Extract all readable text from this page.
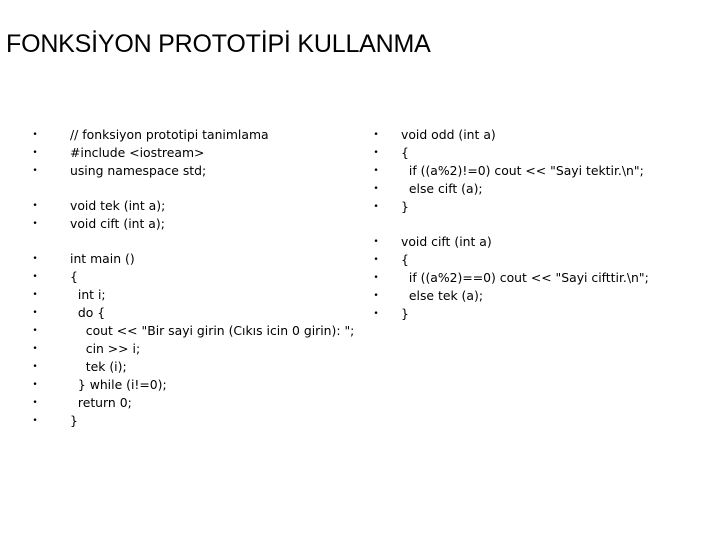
FONKSİYON PROTOTİPİ KULLANMA
•	// fonksiyon prototipi tanimlama
•	#include <iostream>
•	using namespace std;
•	void tek (int a);
•	void cift (int a);
•	int main ()
•	{
•	int i;
•	do {
•	cout << "Bir sayi girin (Cıkıs icin 0 girin): ";
•	cin >> i;
•	tek (i);
•	} while (i!=0);
•	return 0;
•	}
• void odd (int a)
• {
• if ((a%2)!=0) cout << "Sayi tektir.\n";
• else cift (a);
• }
• void cift (int a)
• {
• if ((a%2)==0) cout << "Sayi cifttir.\n";
• else tek (a);
• }
